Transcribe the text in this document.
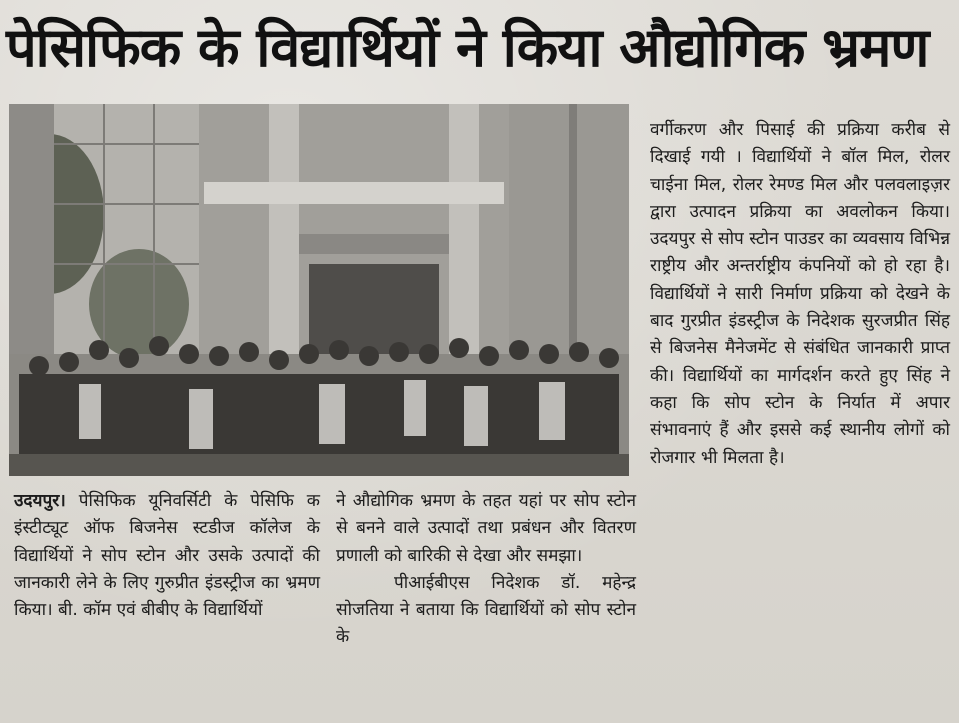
पेसिफिक के विद्यार्थियों ने किया औद्योगिक भ्रमण

वर्गीकरण और पिसाई की प्रक्रिया करीब से दिखाई गयी । विद्यार्थियों ने बॉल मिल, रोलर चाईना मिल, रोलर रेमण्ड मिल और पलवलाइज़र द्वारा उत्पादन प्रक्रिया का अवलोकन किया। उदयपुर से सोप स्टोन पाउडर का व्यवसाय विभिन्न राष्ट्रीय और अन्तर्राष्ट्रीय कंपनियों को हो रहा है। विद्यार्थियों ने सारी निर्माण प्रक्रिया को देखने के बाद गुरप्रीत इंडस्ट्रीज के निदेशक सुरजप्रीत सिंह से बिजनेस मैनेजमेंट से संबंधित जानकारी प्राप्त की। विद्यार्थियों का मार्गदर्शन करते हुए सिंह ने कहा कि सोप स्टोन के निर्यात में अपार संभावनाएं हैं और इससे कई स्थानीय लोगों को रोजगार भी मिलता है।

उदयपुर। पेसिफिक यूनिवर्सिटी के पेसिफि क इंस्टीट्यूट ऑफ बिजनेस स्टडीज कॉलेज के विद्यार्थियों ने सोप स्टोन और उसके उत्पादों की जानकारी लेने के लिए गुरुप्रीत इंडस्ट्रीज का भ्रमण किया। बी. कॉम एवं बीबीए के विद्यार्थियों

ने औद्योगिक भ्रमण के तहत यहां पर सोप स्टोन से बनने वाले उत्पादों तथा प्रबंधन और वितरण प्रणाली को बारिकी से देखा और समझा।

पीआईबीएस निदेशक डॉ. महेन्द्र सोजतिया ने बताया कि विद्यार्थियों को सोप स्टोन के
